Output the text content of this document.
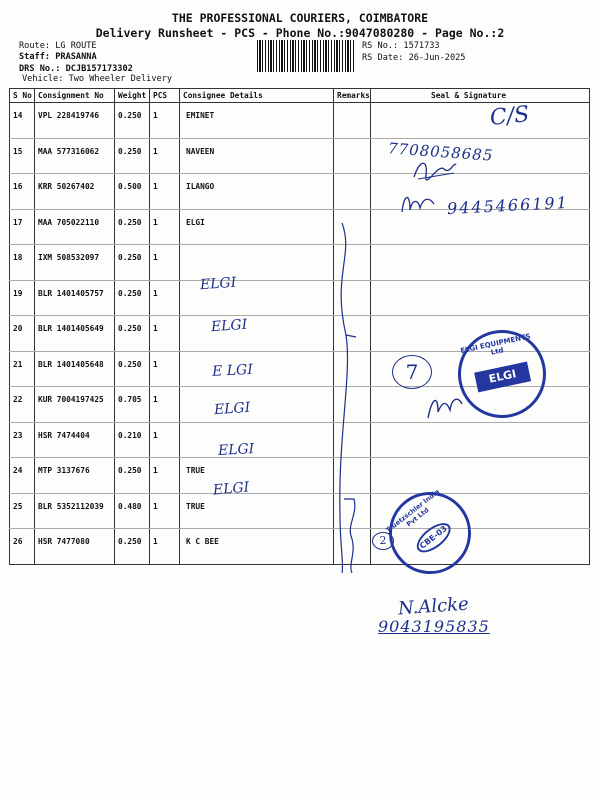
THE PROFESSIONAL COURIERS, COIMBATORE
Delivery Runsheet - PCS - Phone No.:9047080280 - Page No.:2
Route: LG ROUTE
Staff: PRASANNA
DRS No.: DCJB157173302
Vehicle: Two Wheeler Delivery
RS No.: 1571733
RS Date: 26-Jun-2025
S No	Consignment No	Weight	PCS	Consignee Details	Remarks	Seal & Signature
14	VPL 228419746	0.250	1	EMINET		
15	MAA 577316062	0.250	1	NAVEEN		
16	KRR 50267402	0.500	1	ILANGO		
17	MAA 705022110	0.250	1	ELGI		
18	IXM 508532097	0.250	1			
19	BLR 1401405757	0.250	1			
20	BLR 1401405649	0.250	1			
21	BLR 1401405648	0.250	1			
22	KUR 7004197425	0.705	1			
23	HSR 7474404	0.210	1			
24	MTP 3137676	0.250	1	TRUE		
25	BLR 5352112039	0.480	1	TRUE		
26	HSR 7477080	0.250	1	K C BEE		
C/S
7708058685
9445466191
ELGI
ELGI
E LGI
ELGI
ELGI
ELGI
7
2
ELGI EQUIPMENTS Ltd
ELGI
Truetzschler India Pvt Ltd
CBE-03
N.Alcke
9043195835
